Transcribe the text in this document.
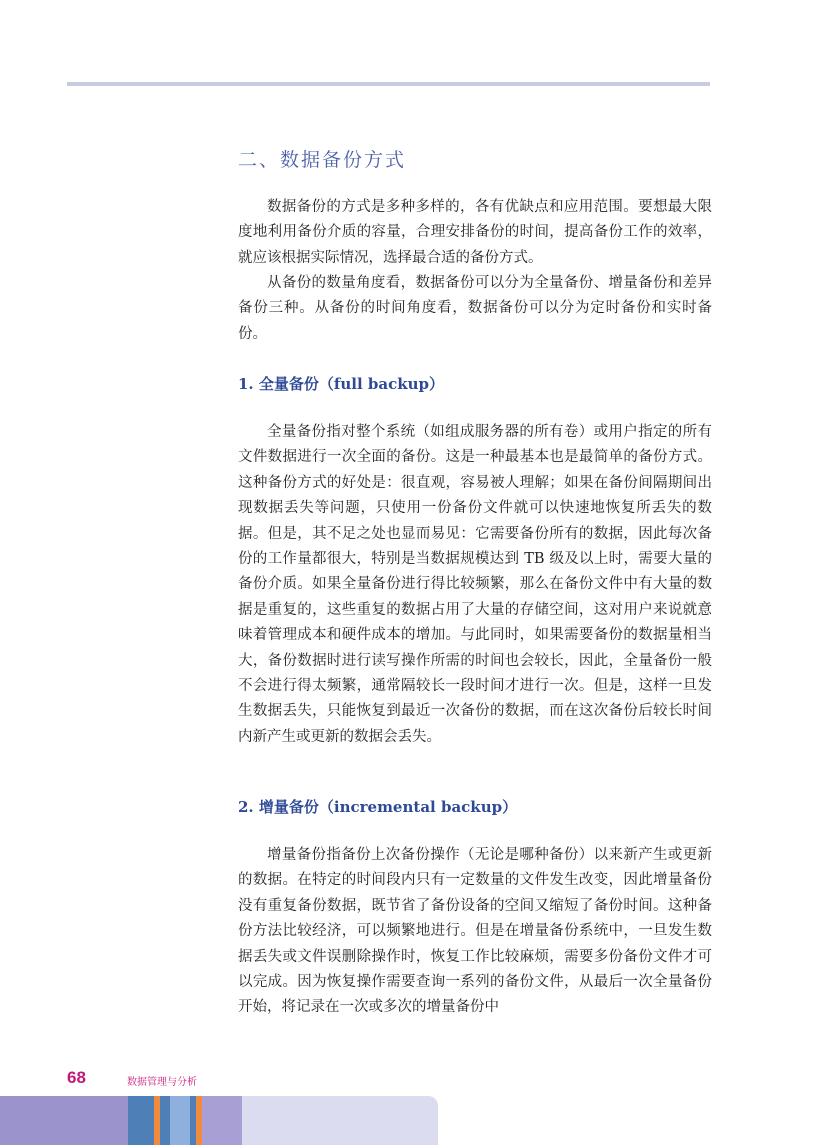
二、数据备份方式

数据备份的方式是多种多样的，各有优缺点和应用范围。要想最大限度地利用备份介质的容量，合理安排备份的时间，提高备份工作的效率，就应该根据实际情况，选择最合适的备份方式。

从备份的数量角度看，数据备份可以分为全量备份、增量备份和差异备份三种。从备份的时间角度看，数据备份可以分为定时备份和实时备份。

1. 全量备份（full backup）

全量备份指对整个系统（如组成服务器的所有卷）或用户指定的所有文件数据进行一次全面的备份。这是一种最基本也是最简单的备份方式。这种备份方式的好处是：很直观，容易被人理解；如果在备份间隔期间出现数据丢失等问题，只使用一份备份文件就可以快速地恢复所丢失的数据。但是，其不足之处也显而易见：它需要备份所有的数据，因此每次备份的工作量都很大，特别是当数据规模达到 TB 级及以上时，需要大量的备份介质。如果全量备份进行得比较频繁，那么在备份文件中有大量的数据是重复的，这些重复的数据占用了大量的存储空间，这对用户来说就意味着管理成本和硬件成本的增加。与此同时，如果需要备份的数据量相当大，备份数据时进行读写操作所需的时间也会较长，因此，全量备份一般不会进行得太频繁，通常隔较长一段时间才进行一次。但是，这样一旦发生数据丢失，只能恢复到最近一次备份的数据，而在这次备份后较长时间内新产生或更新的数据会丢失。

2. 增量备份（incremental backup）

增量备份指备份上次备份操作（无论是哪种备份）以来新产生或更新的数据。在特定的时间段内只有一定数量的文件发生改变，因此增量备份没有重复备份数据，既节省了备份设备的空间又缩短了备份时间。这种备份方法比较经济，可以频繁地进行。但是在增量备份系统中，一旦发生数据丢失或文件误删除操作时，恢复工作比较麻烦，需要多份备份文件才可以完成。因为恢复操作需要查询一系列的备份文件，从最后一次全量备份开始，将记录在一次或多次的增量备份中

68	数据管理与分析
